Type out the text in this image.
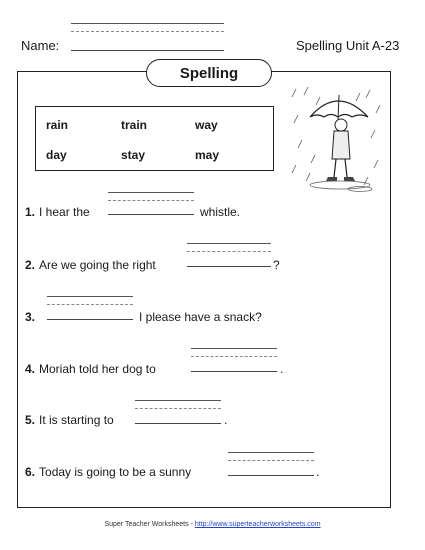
Name:	Spelling Unit A-23
Spelling
rain	train	way
day	stay	may
1. I hear the	whistle.
2. Are we going the right	?
3.	I please have a snack?
4. Moriah told her dog to	.
5. It is starting to	.
6. Today is going to be a sunny	.
Super Teacher Worksheets - http://www.superteacherworksheets.com
